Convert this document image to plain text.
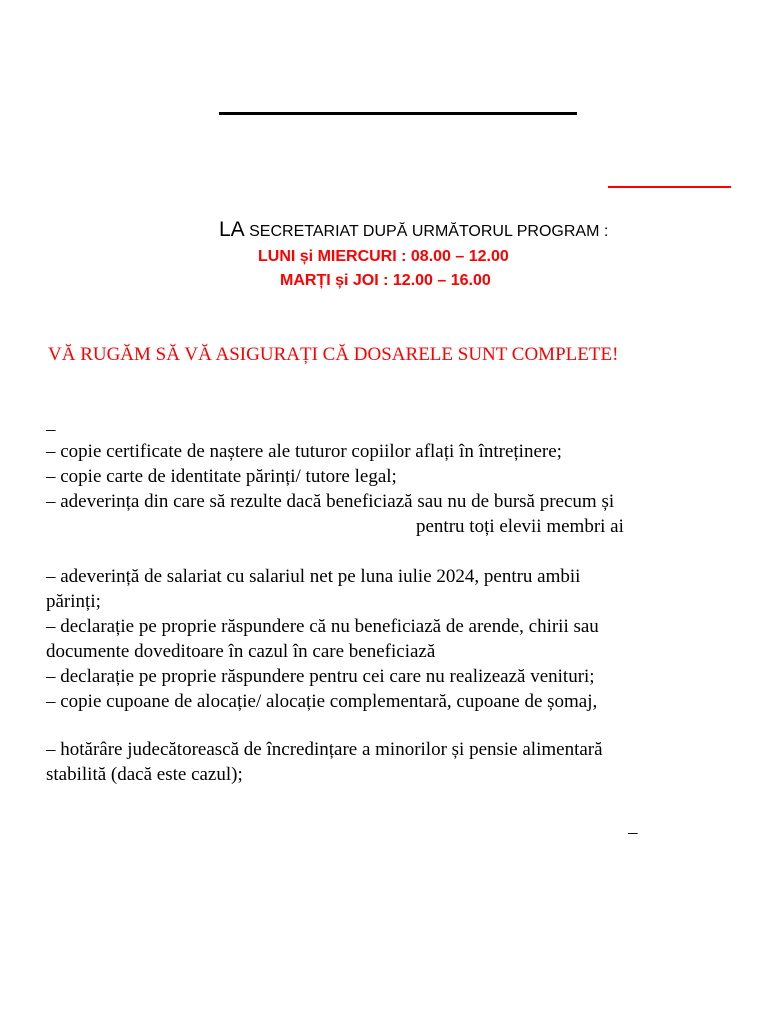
LA SECRETARIAT DUPĂ URMĂTORUL PROGRAM :
LUNI și MIERCURI : 08.00 – 12.00
MARȚI și JOI : 12.00 – 16.00
VĂ RUGĂM SĂ VĂ ASIGURAȚI CĂ DOSARELE SUNT COMPLETE!
–
– copie certificate de naștere ale tuturor copiilor aflați în întreținere;
– copie carte de identitate părinți/ tutore legal;
– adeverința din care să rezulte dacă beneficiază sau nu de bursă precum și
pentru toți elevii membri ai
– adeverință de salariat cu salariul net pe luna iulie 2024, pentru ambii
părinți;
– declarație pe proprie răspundere că nu beneficiază de arende, chirii sau
documente doveditoare în cazul în care beneficiază
– declarație pe proprie răspundere pentru cei care nu realizează venituri;
– copie cupoane de alocație/ alocație complementară, cupoane de șomaj,
– hotărâre judecătorească de încredințare a minorilor și pensie alimentară
stabilită (dacă este cazul);
–
